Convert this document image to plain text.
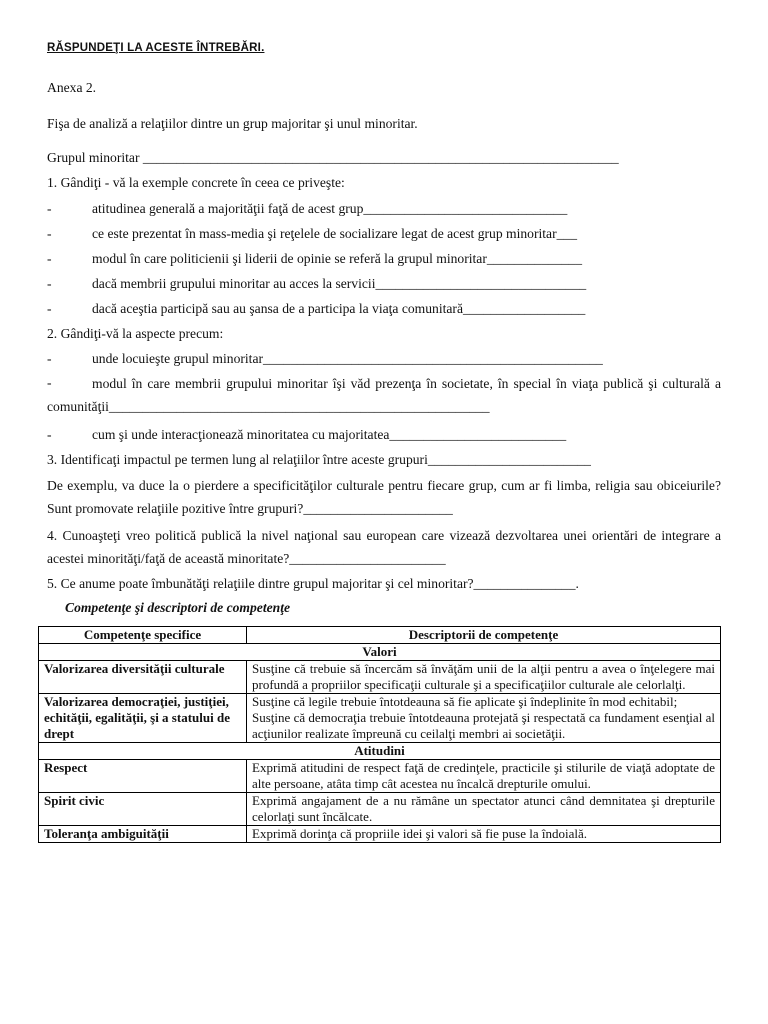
RĂSPUNDEŢI LA ACESTE ÎNTREBĂRI.
Anexa 2.
Fişa de analiză a relaţiilor dintre un grup majoritar şi unul minoritar.
Grupul minoritar ______________________________________________________________________
1. Gândiţi - vă la exemple concrete în ceea ce priveşte:
-	atitudinea generală a majorităţii faţă de acest grup______________________________
-	ce este prezentat în mass-media şi reţelele de socializare legat de acest grup minoritar___
-	modul în care politicienii şi liderii de opinie se referă la grupul minoritar______________
-	dacă membrii grupului minoritar au acces la servicii_______________________________
-	dacă aceştia participă sau au şansa de a participa la viaţa comunitară__________________
2. Gândiţi-vă la aspecte precum:
-	unde locuieşte grupul minoritar__________________________________________________
-	modul în care membrii grupului minoritar îşi văd prezenţa în societate, în special în viaţa publică şi culturală a comunităţii________________________________________________________
-	cum şi unde interacţionează minoritatea cu majoritatea__________________________
3. Identificaţi impactul pe termen lung al relaţiilor între aceste grupuri________________________
De exemplu, va duce la o pierdere a specificităţilor culturale pentru fiecare grup, cum ar fi limba, religia sau obiceiurile? Sunt promovate relaţiile pozitive între grupuri?______________________
4. Cunoaşteţi vreo politică publică la nivel naţional sau european care vizează dezvoltarea unei orientări de integrare a acestei minorităţi/faţă de această minoritate?_______________________
5. Ce anume poate îmbunătăţi relaţiile dintre grupul majoritar şi cel minoritar?_______________.
Competenţe şi descriptori de competenţe
Competenţe specifice	Descriptorii de competenţe
Valori	
Valorizarea diversităţii culturale	Susţine că trebuie să încercăm să învăţăm unii de la alţii pentru a avea o înţelegere mai profundă a propriilor specificaţii culturale şi a specificaţiilor culturale ale celorlalţi.
Valorizarea democraţiei, justiţiei, echităţii, egalităţii, şi a statului de drept	Susţine că legile trebuie întotdeauna să fie aplicate şi îndeplinite în mod echitabil;
Susţine că democraţia trebuie întotdeauna protejată şi respectată ca fundament esenţial al acţiunilor realizate împreună cu ceilalţi membri ai societăţii.

Atitudini	
Respect	Exprimă atitudini de respect faţă de credinţele, practicile şi stilurile de viaţă adoptate de alte persoane, atâta timp cât acestea nu încalcă drepturile omului.
Spirit civic	Exprimă angajament de a nu rămâne un spectator atunci când demnitatea şi drepturile celorlaţi sunt încălcate.
Toleranţa ambiguităţii	Exprimă dorinţa că propriile idei şi valori să fie puse la îndoială.
